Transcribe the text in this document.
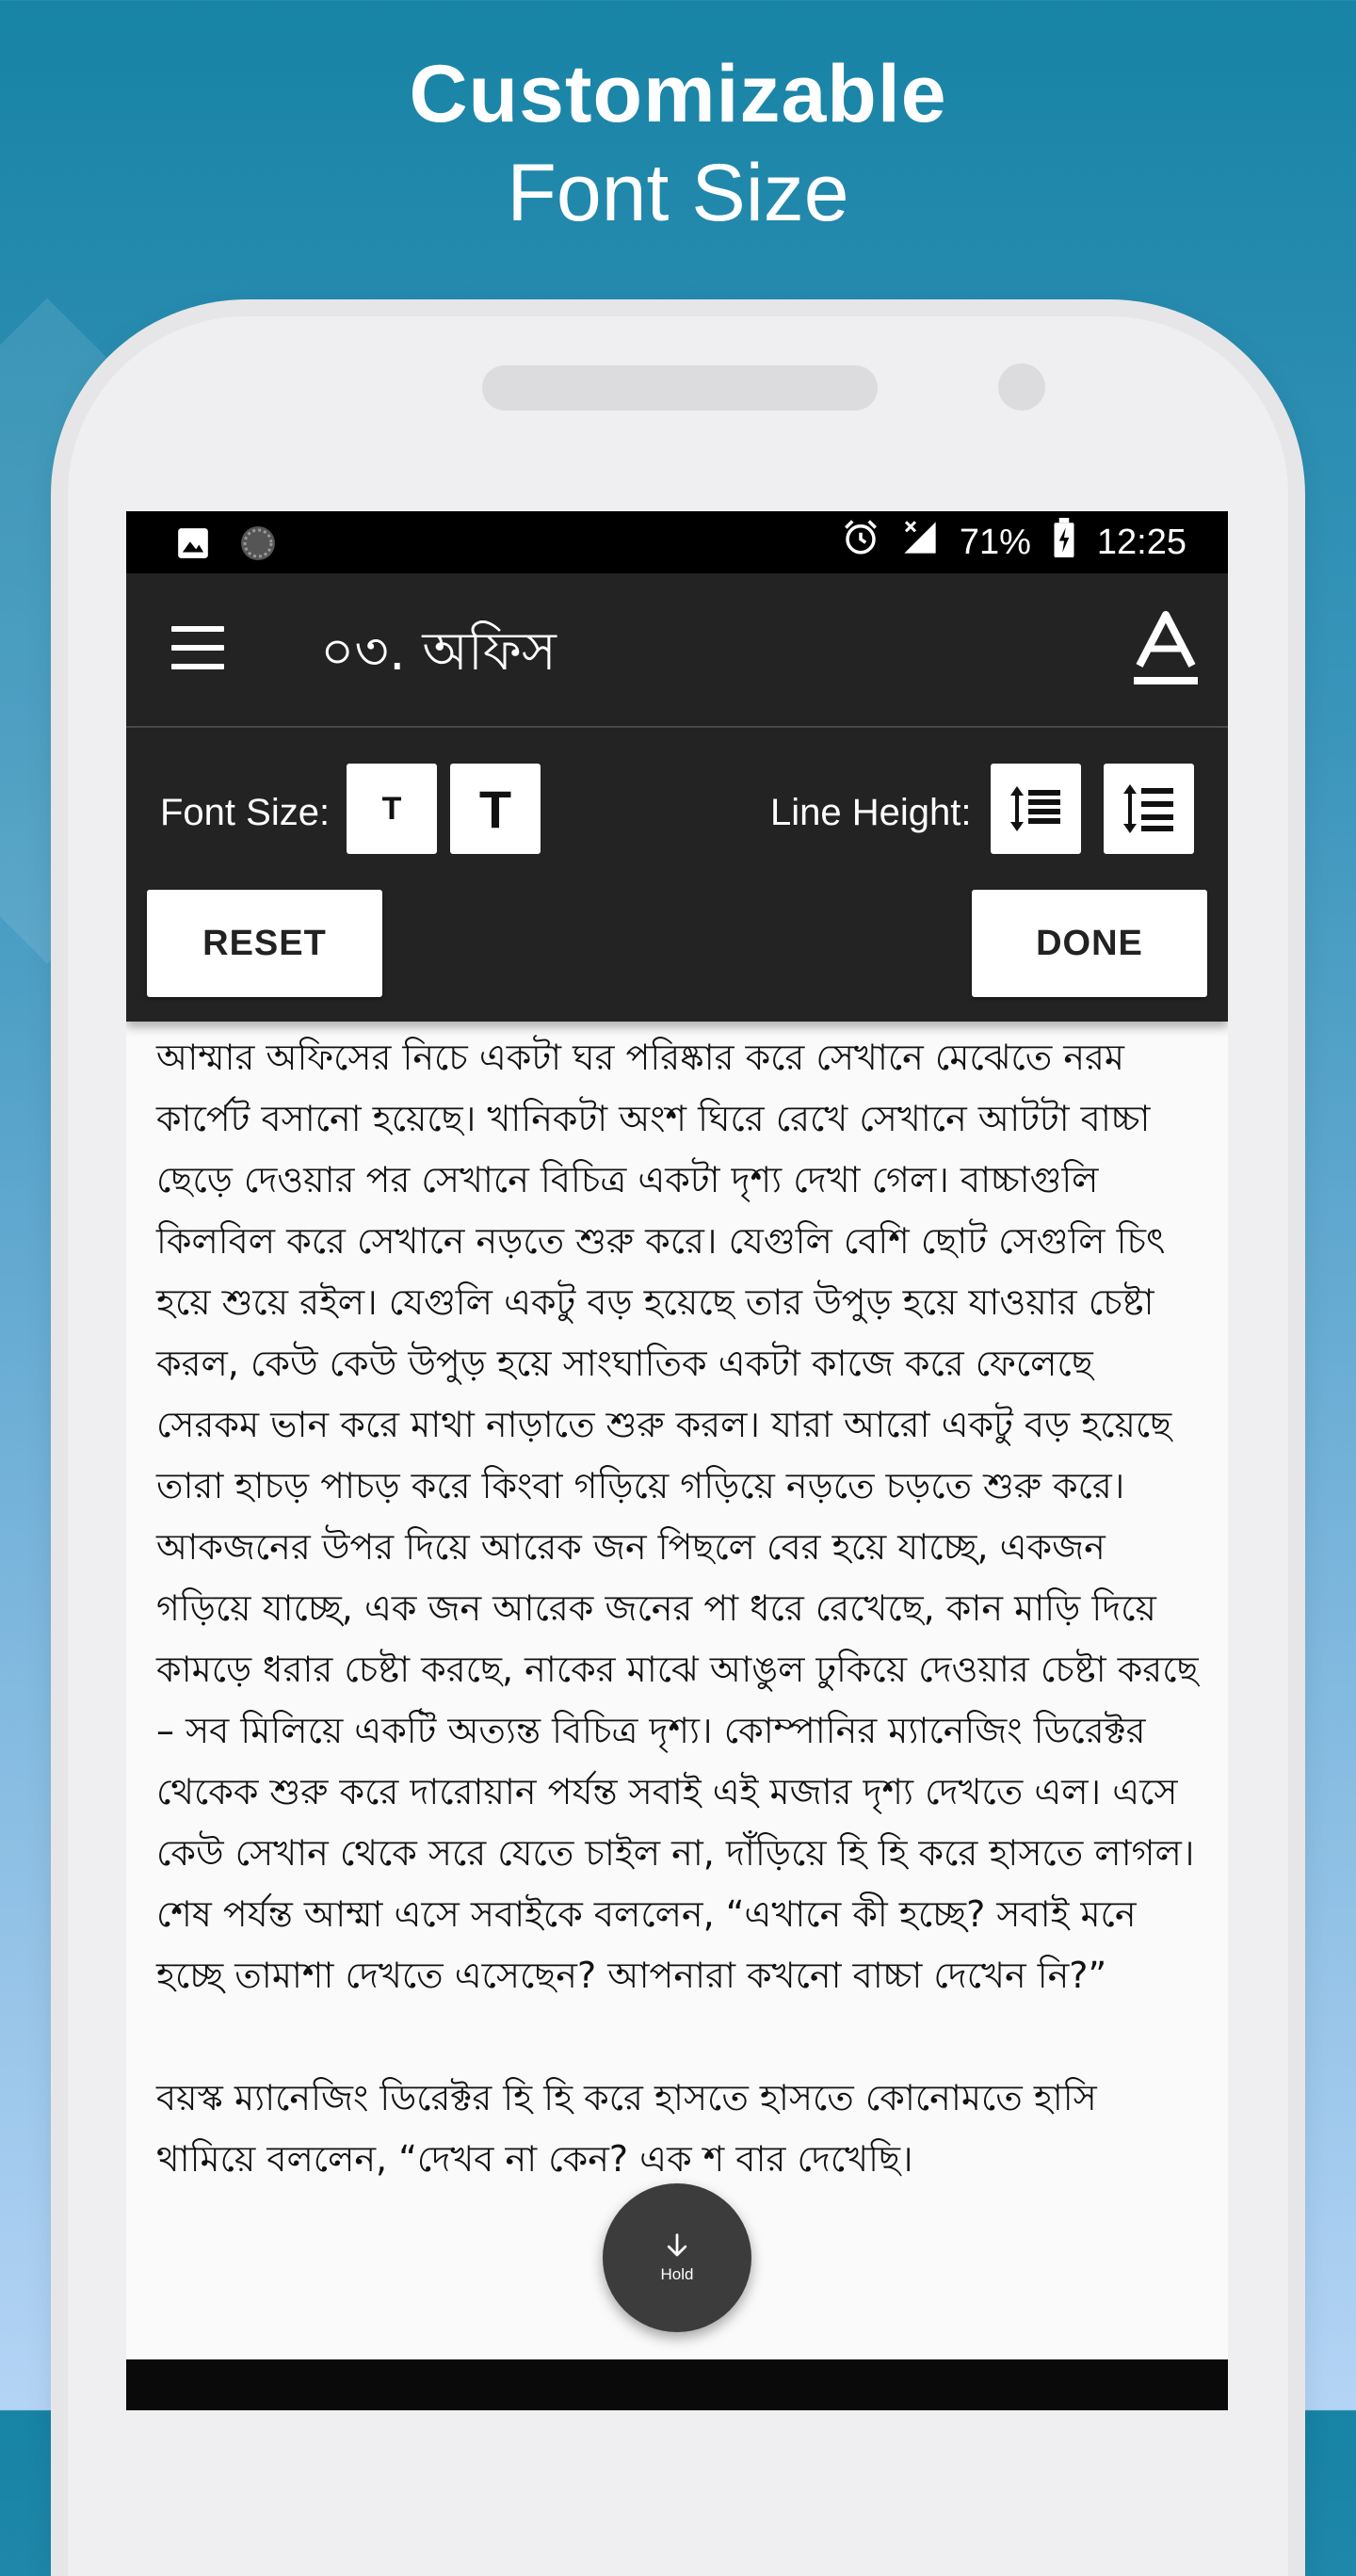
Customizable
Font Size
71% 12:25
০৩. অফিস
Font Size: T T	Line Height:
RESET	DONE

আম্মার অফিসের নিচে একটা ঘর পরিষ্কার করে সেখানে মেঝেতে নরম কার্পেট বসানো হয়েছে। খানিকটা অংশ ঘিরে রেখে সেখানে আটটা বাচ্চা ছেড়ে দেওয়ার পর সেখানে বিচিত্র একটা দৃশ্য দেখা গেল। বাচ্চাগুলি কিলবিল করে সেখানে নড়তে শুরু করে। যেগুলি বেশি ছোট সেগুলি চিৎ হয়ে শুয়ে রইল। যেগুলি একটু বড় হয়েছে তার উপুড় হয়ে যাওয়ার চেষ্টা করল, কেউ কেউ উপুড় হয়ে সাংঘাতিক একটা কাজে করে ফেলেছে সেরকম ভান করে মাথা নাড়াতে শুরু করল। যারা আরো একটু বড় হয়েছে তারা হাচড় পাচড় করে কিংবা গড়িয়ে গড়িয়ে নড়তে চড়তে শুরু করে। আকজনের উপর দিয়ে আরেক জন পিছলে বের হয়ে যাচ্ছে, একজন গড়িয়ে যাচ্ছে, এক জন আরেক জনের পা ধরে রেখেছে, কান মাড়ি দিয়ে কামড়ে ধরার চেষ্টা করছে, নাকের মাঝে আঙুল ঢুকিয়ে দেওয়ার চেষ্টা করছে – সব মিলিয়ে একটি অত্যন্ত বিচিত্র দৃশ্য। কোম্পানির ম্যানেজিং ডিরেক্টর থেকেক শুরু করে দারোয়ান পর্যন্ত সবাই এই মজার দৃশ্য দেখতে এল। এসে কেউ সেখান থেকে সরে যেতে চাইল না, দাঁড়িয়ে হি হি করে হাসতে লাগল। শেষ পর্যন্ত আম্মা এসে সবাইকে বললেন, “এখানে কী হচ্ছে? সবাই মনে হচ্ছে তামাশা দেখতে এসেছেন? আপনারা কখনো বাচ্চা দেখেন নি?”

বয়স্ক ম্যানেজিং ডিরেক্টর হি হি করে হাসতে হাসতে কোনোমতে হাসি থামিয়ে বললেন, “দেখব না কেন? এক শ বার দেখেছি।

Hold
